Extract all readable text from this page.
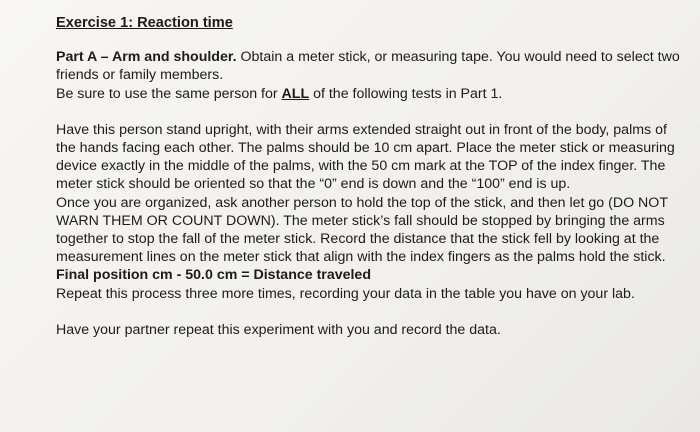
Exercise 1: Reaction time

Part A – Arm and shoulder. Obtain a meter stick, or measuring tape. You would need to select two friends or family members.

Be sure to use the same person for ALL of the following tests in Part 1.

Have this person stand upright, with their arms extended straight out in front of the body, palms of the hands facing each other. The palms should be 10 cm apart. Place the meter stick or measuring device exactly in the middle of the palms, with the 50 cm mark at the TOP of the index finger. The meter stick should be oriented so that the “0” end is down and the “100” end is up.

Once you are organized, ask another person to hold the top of the stick, and then let go (DO NOT WARN THEM OR COUNT DOWN). The meter stick’s fall should be stopped by bringing the arms together to stop the fall of the meter stick. Record the distance that the stick fell by looking at the measurement lines on the meter stick that align with the index fingers as the palms hold the stick.

Final position cm - 50.0 cm = Distance traveled

Repeat this process three more times, recording your data in the table you have on your lab.

Have your partner repeat this experiment with you and record the data.
